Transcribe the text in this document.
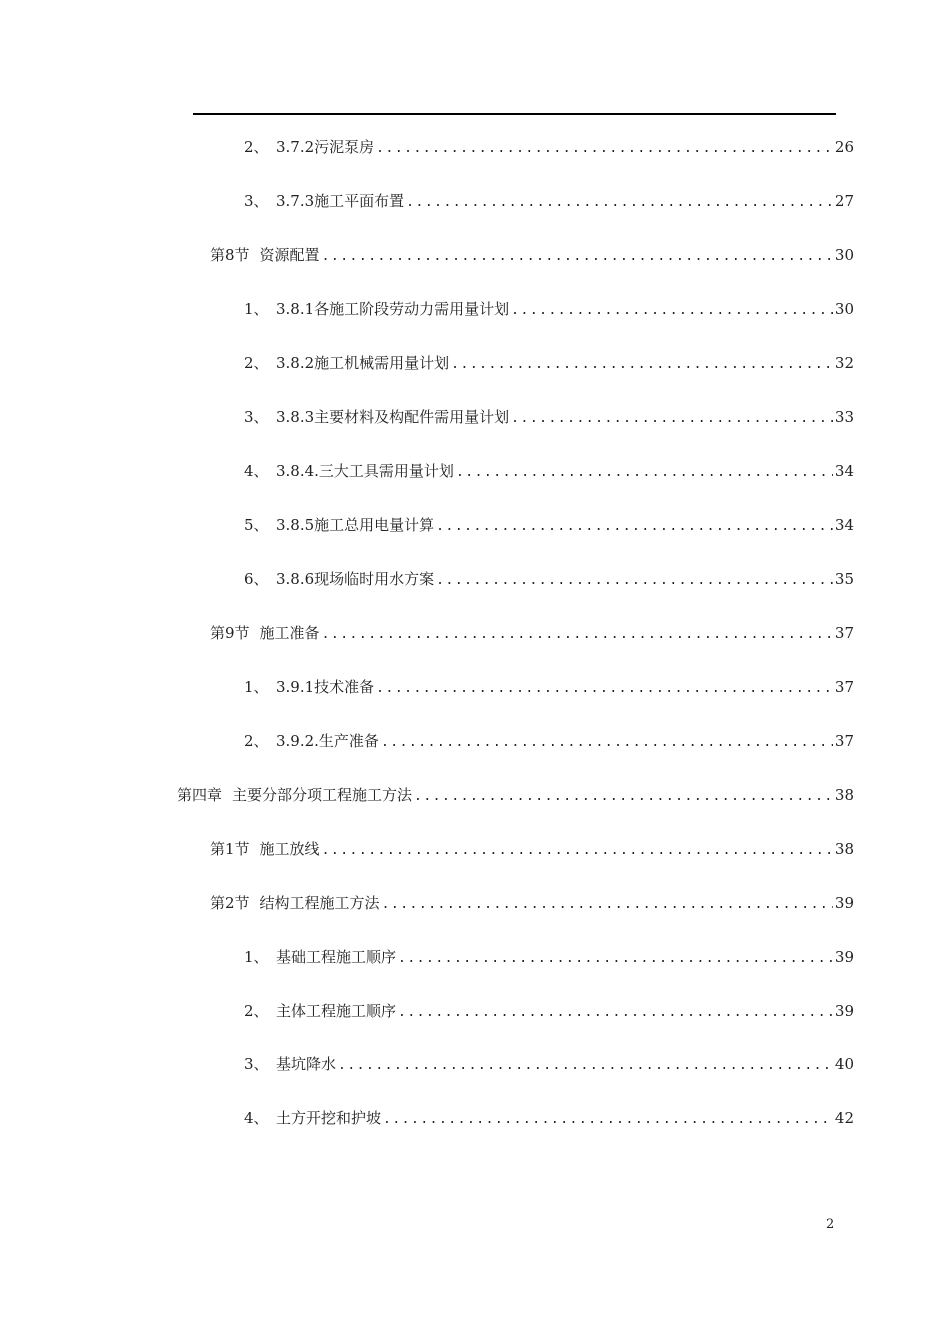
2、 3.7.2污泥泵房 .....	26
3、 3.7.3施工平面布置 .....	27
第8节 资源配置 .....	30
1、 3.8.1各施工阶段劳动力需用量计划 .....	30
2、 3.8.2施工机械需用量计划 .....	32
3、 3.8.3主要材料及构配件需用量计划 .....	33
4、 3.8.4.三大工具需用量计划 .....	34
5、 3.8.5施工总用电量计算 .....	34
6、 3.8.6现场临时用水方案 .....	35
第9节 施工准备 .....	37
1、 3.9.1技术准备 .....	37
2、 3.9.2.生产准备 .....	37
第四章 主要分部分项工程施工方法 .....	38
第1节 施工放线 .....	38
第2节 结构工程施工方法 .....	39
1、 基础工程施工顺序 .....	39
2、 主体工程施工顺序 .....	39
3、 基坑降水 .....	40
4、 土方开挖和护坡 .....	42
2
